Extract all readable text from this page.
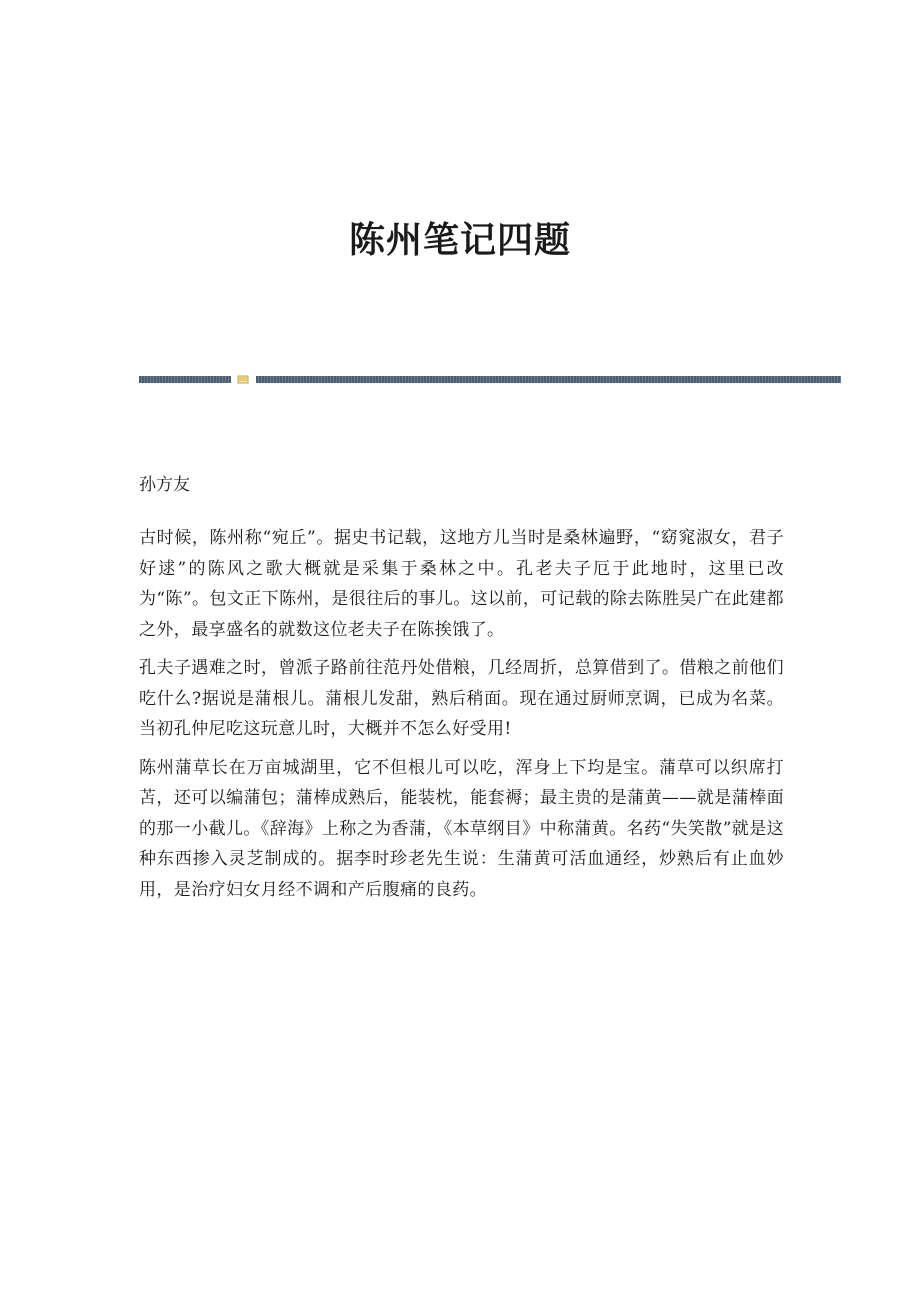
陈州笔记四题

孙方友

古时候，陈州称“宛丘”。据史书记载，这地方儿当时是桑林遍野，“窈窕淑女，君子好逑”的陈风之歌大概就是采集于桑林之中。孔老夫子厄于此地时，这里已改为“陈”。包文正下陈州，是很往后的事儿。这以前，可记载的除去陈胜吴广在此建都之外，最享盛名的就数这位老夫子在陈挨饿了。

孔夫子遇难之时，曾派子路前往范丹处借粮，几经周折，总算借到了。借粮之前他们吃什么?据说是蒲根儿。蒲根儿发甜，熟后稍面。现在通过厨师烹调，已成为名菜。当初孔仲尼吃这玩意儿时，大概并不怎么好受用!

陈州蒲草长在万亩城湖里，它不但根儿可以吃，浑身上下均是宝。蒲草可以织席打苫，还可以编蒲包；蒲棒成熟后，能装枕，能套褥；最主贵的是蒲黄——就是蒲棒面的那一小截儿。《辞海》上称之为香蒲，《本草纲目》中称蒲黄。名药“失笑散”就是这种东西掺入灵芝制成的。据李时珍老先生说：生蒲黄可活血通经，炒熟后有止血妙用，是治疗妇女月经不调和产后腹痛的良药。
